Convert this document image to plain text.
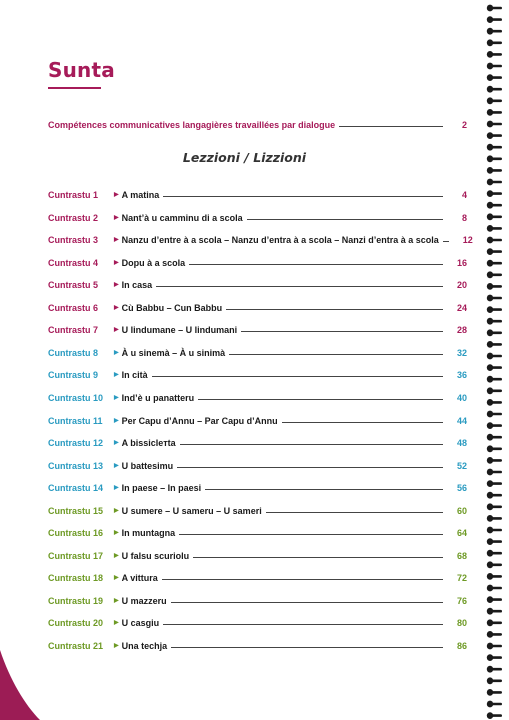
Sunta
Compétences communicatives langagières travaillées par dialogue	2
Lezzioni / Lizzioni
Cuntrastu 1	▶ A matina	4
Cuntrastu 2	▶ Nant’à u camminu di a scola	8
Cuntrastu 3	▶ Nanzu d’entre à a scola – Nanzu d’entra à a scola – Nanzi d’entra à a scola	12
Cuntrastu 4	▶ Dopu à a scola	16
Cuntrastu 5	▶ In casa	20
Cuntrastu 6	▶ Cù Babbu – Cun Babbu	24
Cuntrastu 7	▶ U lindumane – U lindumani	28
Cuntrastu 8	▶ À u sinemà – À u sinimà	32
Cuntrastu 9	▶ In cità	36
Cuntrastu 10	▶ Ind’è u panatteru	40
Cuntrastu 11	▶ Per Capu d’Annu – Par Capu d’Annu	44
Cuntrastu 12	▶ A bissiclетta	48
Cuntrastu 13	▶ U battesimu	52
Cuntrastu 14	▶ In paese – In paesi	56
Cuntrastu 15	▶ U sumere – U sameru – U sameri	60
Cuntrastu 16	▶ In muntagna	64
Cuntrastu 17	▶ U falsu scuriolu	68
Cuntrastu 18	▶ A vittura	72
Cuntrastu 19	▶ U mazzeru	76
Cuntrastu 20	▶ U casgiu	80
Cuntrastu 21	▶ Una techja	86
